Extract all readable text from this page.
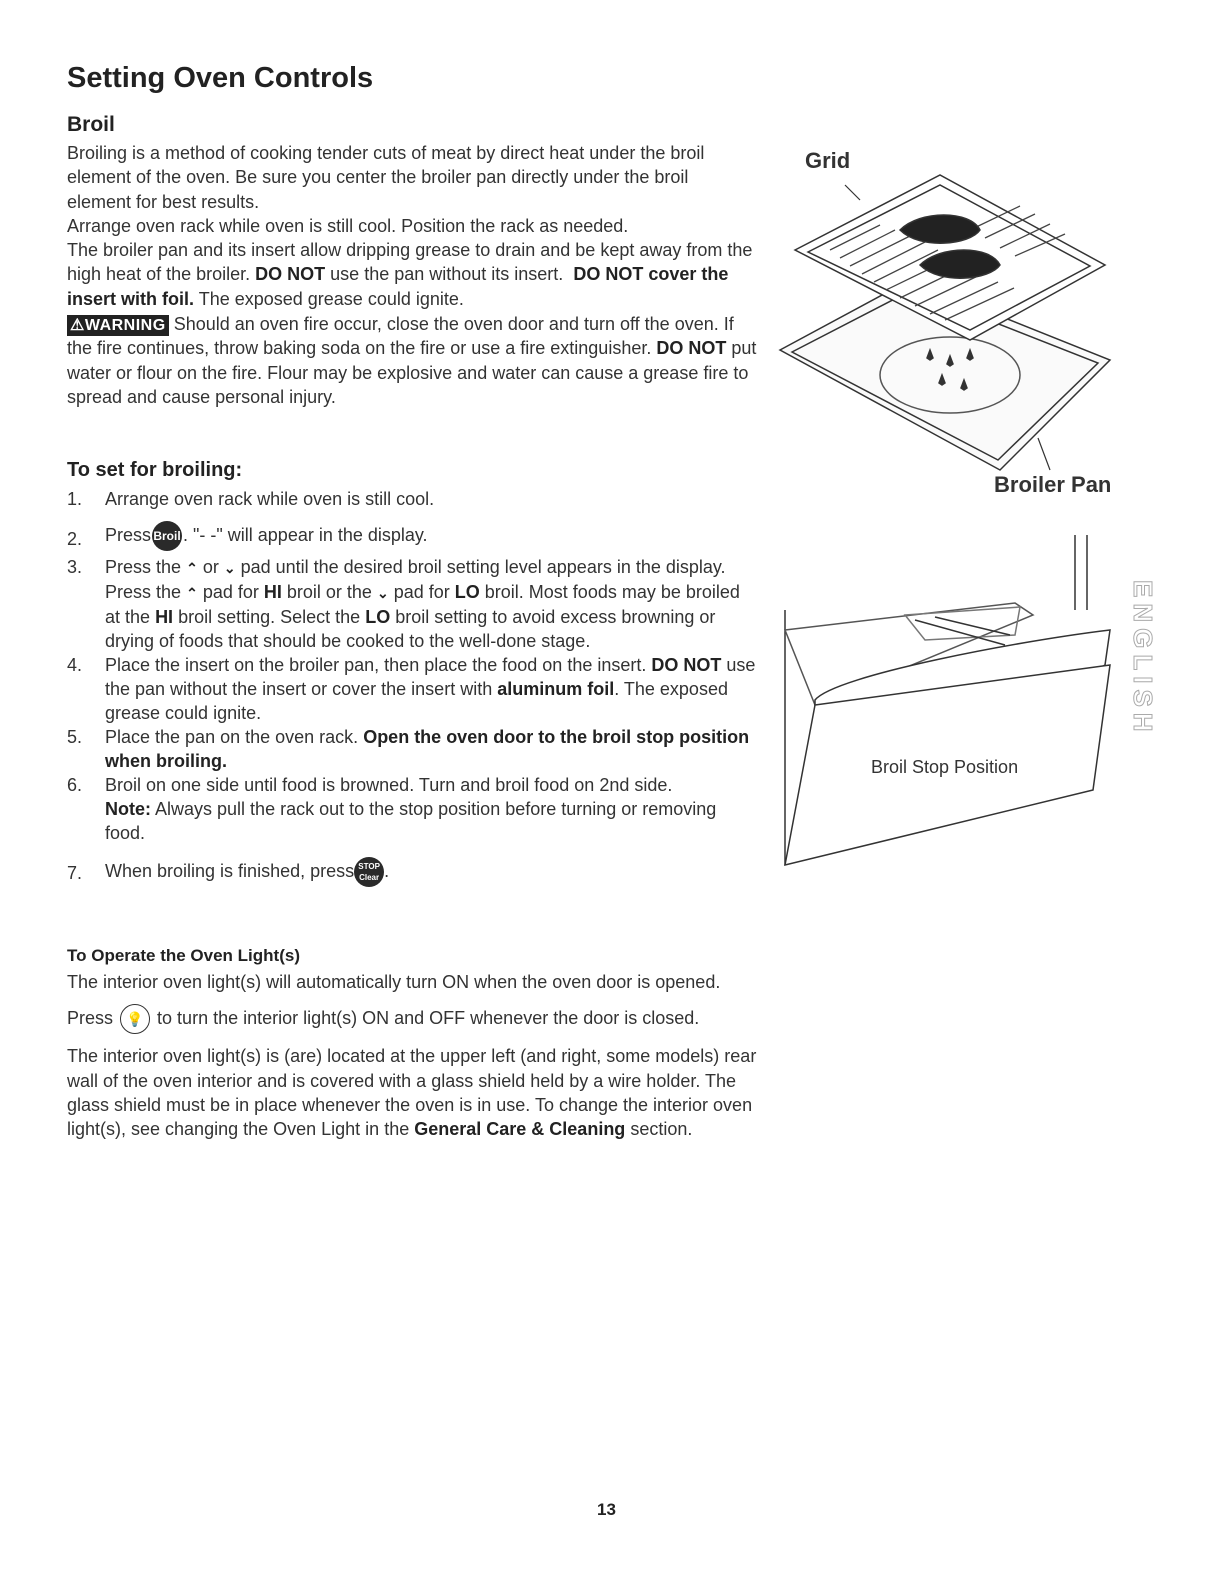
Setting Oven Controls
Broil

Broiling is a method of cooking tender cuts of meat by direct heat under the broil element of the oven. Be sure you center the broiler pan directly under the broil element for best results.

Arrange oven rack while oven is still cool. Position the rack as needed.

The broiler pan and its insert allow dripping grease to drain and be kept away from the high heat of the broiler. DO NOT use the pan without its insert. DO NOT cover the insert with foil. The exposed grease could ignite.

⚠WARNING Should an oven fire occur, close the oven door and turn off the oven. If the fire continues, throw baking soda on the fire or use a fire extinguisher. DO NOT put water or flour on the fire. Flour may be explosive and water can cause a grease fire to spread and cause personal injury.

To set for broiling:
1. Arrange oven rack while oven is still cool.
2. Press Broil . "- -" will appear in the display.
3. Press the ⌃ or ⌄ pad until the desired broil setting level appears in the display. Press the ⌃ pad for HI broil or the ⌄ pad for LO broil. Most foods may be broiled at the HI broil setting. Select the LO broil setting to avoid excess browning or drying of foods that should be cooked to the well-done stage.
4. Place the insert on the broiler pan, then place the food on the insert. DO NOT use the pan without the insert or cover the insert with aluminum foil. The exposed grease could ignite.
5. Place the pan on the oven rack. Open the oven door to the broil stop position when broiling.
6. Broil on one side until food is browned. Turn and broil food on 2nd side.
Note: Always pull the rack out to the stop position before turning or removing food.
7. When broiling is finished, press STOP
Clear .
To Operate the Oven Light(s)

The interior oven light(s) will automatically turn ON when the oven door is opened.

Press 💡 to turn the interior light(s) ON and OFF whenever the door is closed.

The interior oven light(s) is (are) located at the upper left (and right, some models) rear wall of the oven interior and is covered with a glass shield held by a wire holder. The glass shield must be in place whenever the oven is in use. To change the interior oven light(s), see changing the Oven Light in the General Care & Cleaning section.

Grid
Broiler Pan
Broil Stop Position
ENGLISH
13
